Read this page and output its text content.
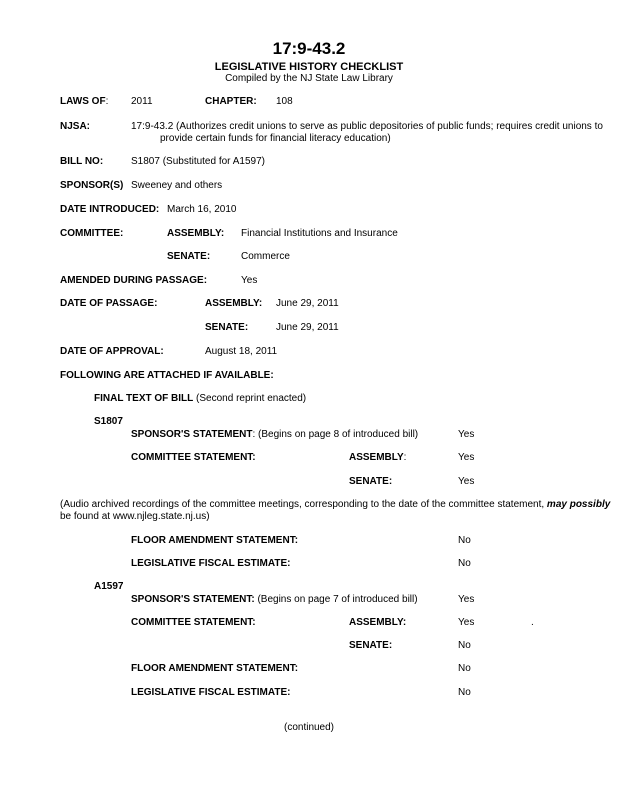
17:9-43.2
LEGISLATIVE HISTORY CHECKLIST
Compiled by the NJ State Law Library
LAWS OF: 2011	CHAPTER: 108
NJSA:	17:9-43.2 (Authorizes credit unions to serve as public depositories of public funds; requires credit unions to
provide certain funds for financial literacy education)
BILL NO:	S1807 (Substituted for A1597)
SPONSOR(S) Sweeney and others
DATE INTRODUCED: March 16, 2010
COMMITTEE:	ASSEMBLY: Financial Institutions and Insurance
SENATE:	Commerce
AMENDED DURING PASSAGE:	Yes
DATE OF PASSAGE:	ASSEMBLY: June 29, 2011
SENATE:	June 29, 2011
DATE OF APPROVAL:	August 18, 2011
FOLLOWING ARE ATTACHED IF AVAILABLE:
FINAL TEXT OF BILL (Second reprint enacted)
S1807
SPONSOR'S STATEMENT: (Begins on page 8 of introduced bill)	Yes
COMMITTEE STATEMENT:	ASSEMBLY:	Yes
SENATE:	Yes
(Audio archived recordings of the committee meetings, corresponding to the date of the committee statement, may possibly
be found at www.njleg.state.nj.us)
FLOOR AMENDMENT STATEMENT:	No
LEGISLATIVE FISCAL ESTIMATE:	No
A1597
SPONSOR'S STATEMENT: (Begins on page 7 of introduced bill)	Yes
COMMITTEE STATEMENT:	ASSEMBLY:	Yes	.
SENATE:	No
FLOOR AMENDMENT STATEMENT:	No
LEGISLATIVE FISCAL ESTIMATE:	No
(continued)
